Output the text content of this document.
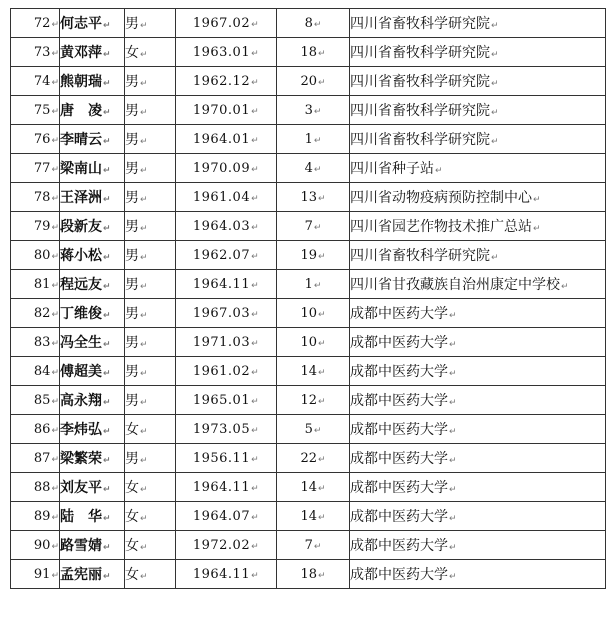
72↵	何志平↵	男↵	1967.02↵	8↵	四川省畜牧科学研究院↵
73↵	黄邓萍↵	女↵	1963.01↵	18↵	四川省畜牧科学研究院↵
74↵	熊朝瑞↵	男↵	1962.12↵	20↵	四川省畜牧科学研究院↵
75↵	唐　凌↵	男↵	1970.01↵	3↵	四川省畜牧科学研究院↵
76↵	李晴云↵	男↵	1964.01↵	1↵	四川省畜牧科学研究院↵
77↵	梁南山↵	男↵	1970.09↵	4↵	四川省种子站↵
78↵	王泽洲↵	男↵	1961.04↵	13↵	四川省动物疫病预防控制中心↵
79↵	段新友↵	男↵	1964.03↵	7↵	四川省园艺作物技术推广总站↵
80↵	蒋小松↵	男↵	1962.07↵	19↵	四川省畜牧科学研究院↵
81↵	程远友↵	男↵	1964.11↵	1↵	四川省甘孜藏族自治州康定中学校↵
82↵	丁维俊↵	男↵	1967.03↵	10↵	成都中医药大学↵
83↵	冯全生↵	男↵	1971.03↵	10↵	成都中医药大学↵
84↵	傅超美↵	男↵	1961.02↵	14↵	成都中医药大学↵
85↵	高永翔↵	男↵	1965.01↵	12↵	成都中医药大学↵
86↵	李炜弘↵	女↵	1973.05↵	5↵	成都中医药大学↵
87↵	梁繁荣↵	男↵	1956.11↵	22↵	成都中医药大学↵
88↵	刘友平↵	女↵	1964.11↵	14↵	成都中医药大学↵
89↵	陆　华↵	女↵	1964.07↵	14↵	成都中医药大学↵
90↵	路雪婧↵	女↵	1972.02↵	7↵	成都中医药大学↵
91↵	孟宪丽↵	女↵	1964.11↵	18↵	成都中医药大学↵
